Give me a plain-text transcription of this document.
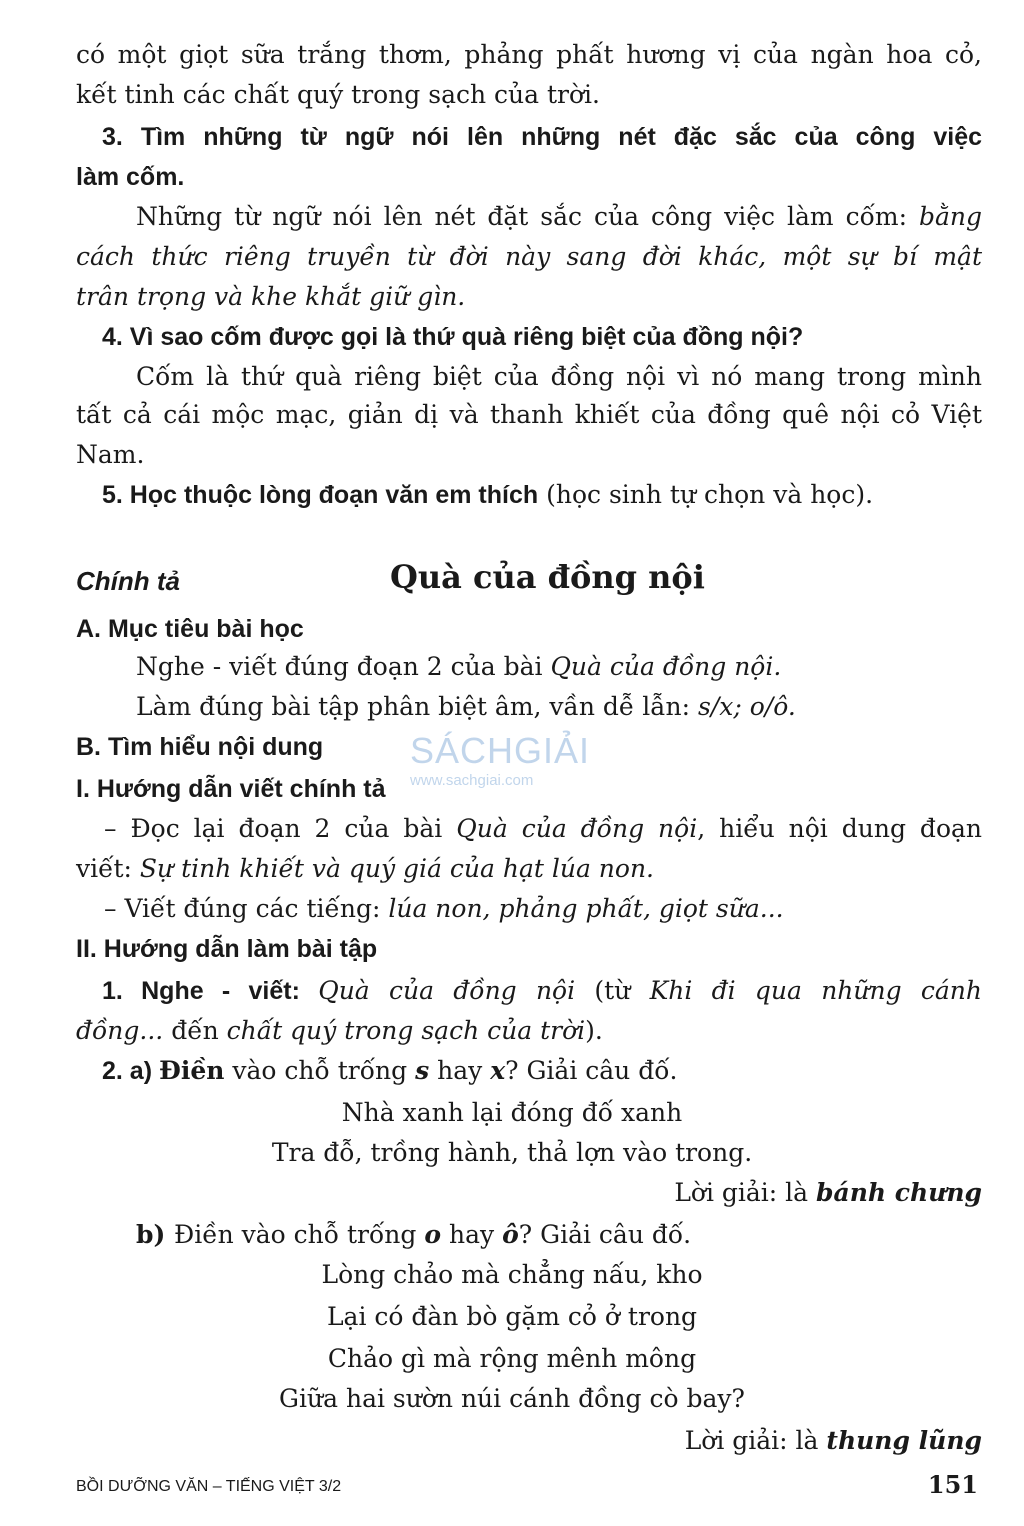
có một giọt sữa trắng thơm, phảng phất hương vị của ngàn hoa cỏ,
kết tinh các chất quý trong sạch của trời.
3. Tìm những từ ngữ nói lên những nét đặc sắc của công việc
làm cốm.
Những từ ngữ nói lên nét đặt sắc của công việc làm cốm: bằng
cách thức riêng truyền từ đời này sang đời khác, một sự bí mật
trân trọng và khe khắt giữ gìn.
4. Vì sao cốm được gọi là thứ quà riêng biệt của đồng nội?
Cốm là thứ quà riêng biệt của đồng nội vì nó mang trong mình
tất cả cái mộc mạc, giản dị và thanh khiết của đồng quê nội cỏ Việt
Nam.
5. Học thuộc lòng đoạn văn em thích (học sinh tự chọn và học).
Chính tả	Quà của đồng nội
A. Mục tiêu bài học
Nghe - viết đúng đoạn 2 của bài Quà của đồng nội.
Làm đúng bài tập phân biệt âm, vần dễ lẫn: s/x; o/ô.
B. Tìm hiểu nội dung
I. Hướng dẫn viết chính tả
– Đọc lại đoạn 2 của bài Quà của đồng nội, hiểu nội dung đoạn
viết: Sự tinh khiết và quý giá của hạt lúa non.
– Viết đúng các tiếng: lúa non, phảng phất, giọt sữa...
II. Hướng dẫn làm bài tập
1. Nghe - viết: Quà của đồng nội (từ Khi đi qua những cánh
đồng... đến chất quý trong sạch của trời).
2. a) Điền vào chỗ trống s hay x? Giải câu đố.
Nhà xanh lại đóng đố xanh
Tra đỗ, trồng hành, thả lợn vào trong.
Lời giải: là bánh chưng
b) Điền vào chỗ trống o hay ô? Giải câu đố.
Lòng chảo mà chẳng nấu, kho
Lại có đàn bò gặm cỏ ở trong
Chảo gì mà rộng mênh mông
Giữa hai sườn núi cánh đồng cò bay?
Lời giải: là thung lũng
SÁCHGIẢI
www.sachgiai.com
BỒI DƯỠNG VĂN – TIẾNG VIỆT 3/2	151
